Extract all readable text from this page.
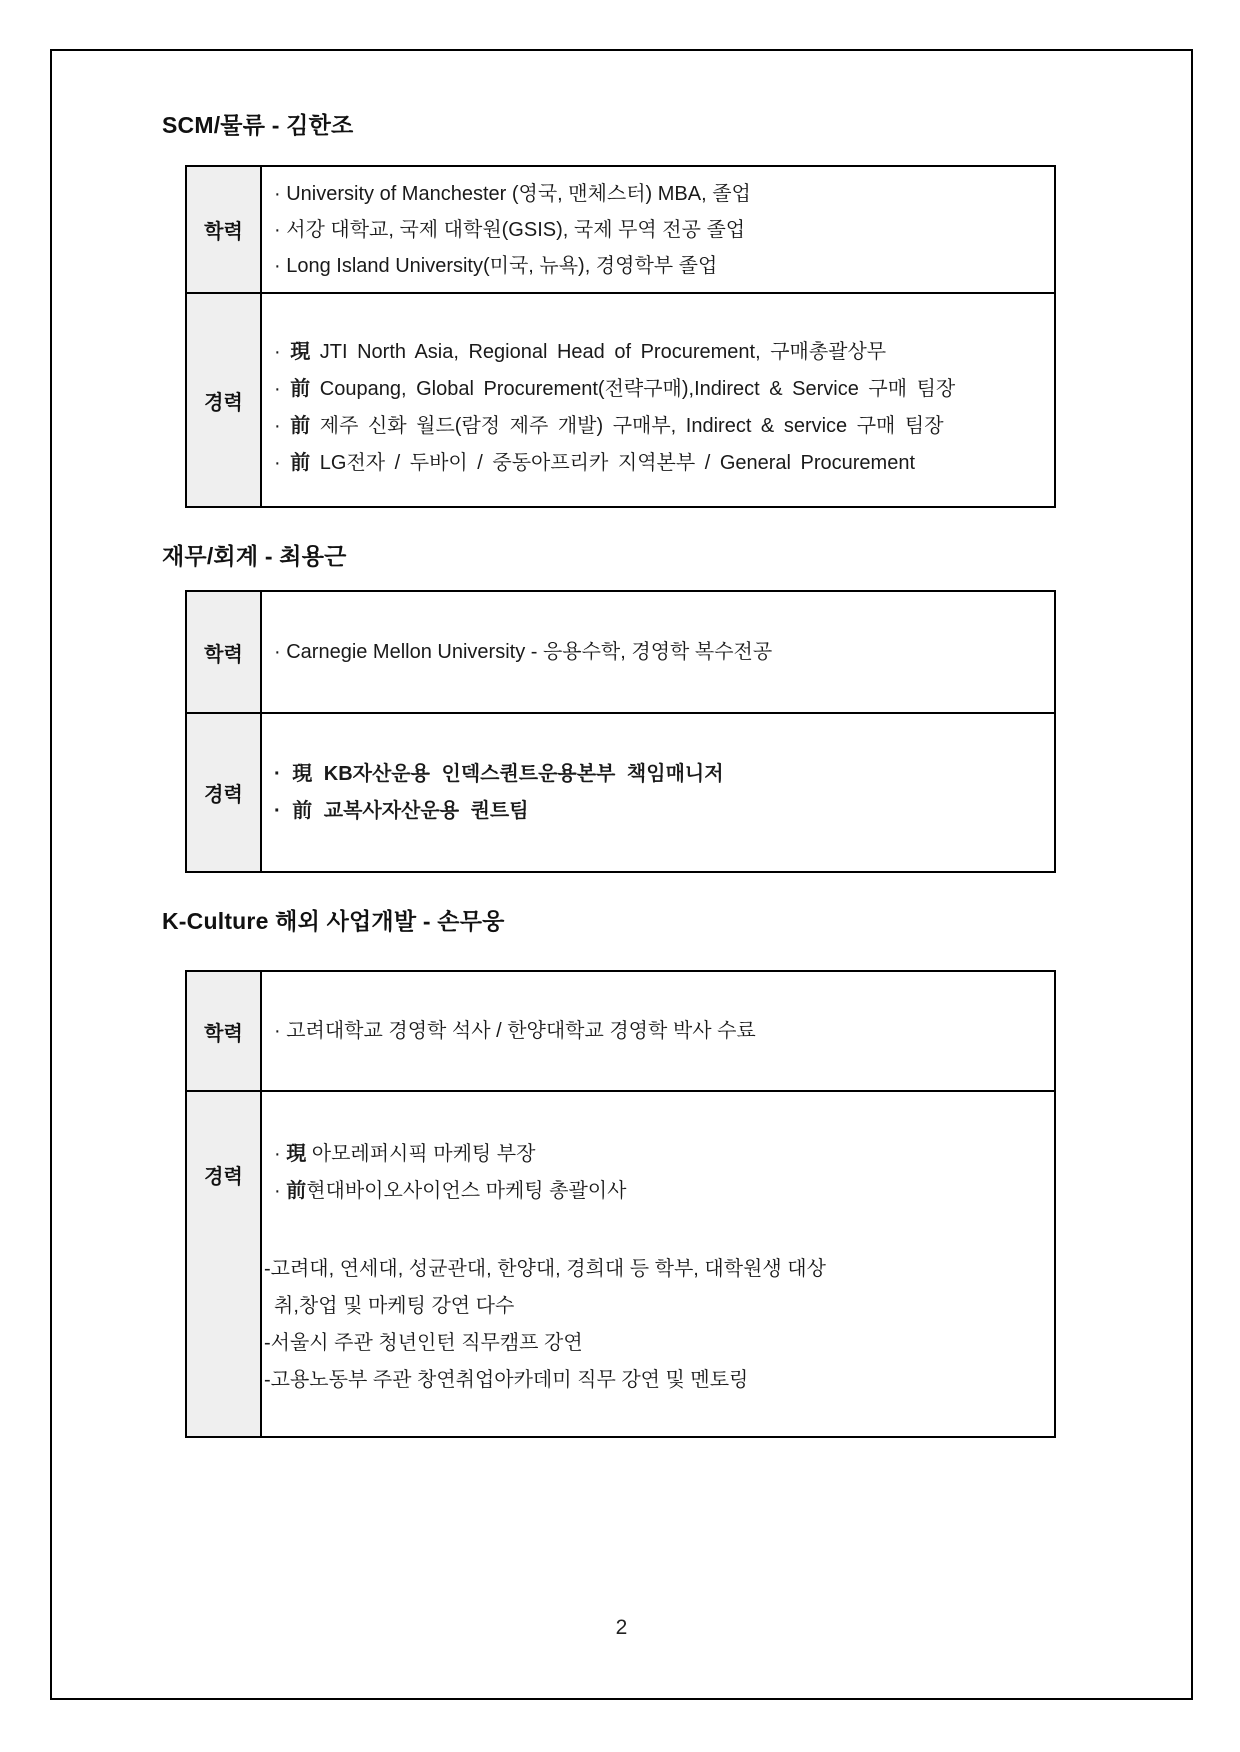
SCM/물류 - 김한조
학력
· University of Manchester (영국, 맨체스터) MBA, 졸업
· 서강 대학교, 국제 대학원(GSIS), 국제 무역 전공 졸업
· Long Island University(미국, 뉴욕), 경영학부 졸업
경력
· 現 JTI North Asia, Regional Head of Procurement, 구매총괄상무
· 前 Coupang, Global Procurement(전략구매),Indirect & Service 구매 팀장
· 前 제주 신화 월드(람정 제주 개발) 구매부, Indirect & service 구매 팀장
· 前 LG전자 / 두바이 / 중동아프리카 지역본부 / General Procurement
재무/회계 - 최용근
학력	· Carnegie Mellon University - 응용수학, 경영학 복수전공
경력
· 現 KB자산운용 인덱스퀀트운용본부 책임매니저
· 前 교복사자산운용 퀀트팀
K-Culture 해외 사업개발 - 손무웅
학력	· 고려대학교 경영학 석사 / 한양대학교 경영학 박사 수료
경력
· 現 아모레퍼시픽 마케팅 부장
· 前현대바이오사이언스 마케팅 총괄이사

-고려대, 연세대, 성균관대, 한양대, 경희대 등 학부, 대학원생 대상
취,창업 및 마케팅 강연 다수
-서울시 주관 청년인턴 직무캠프 강연
-고용노동부 주관 창연취업아카데미 직무 강연 및 멘토링
2
